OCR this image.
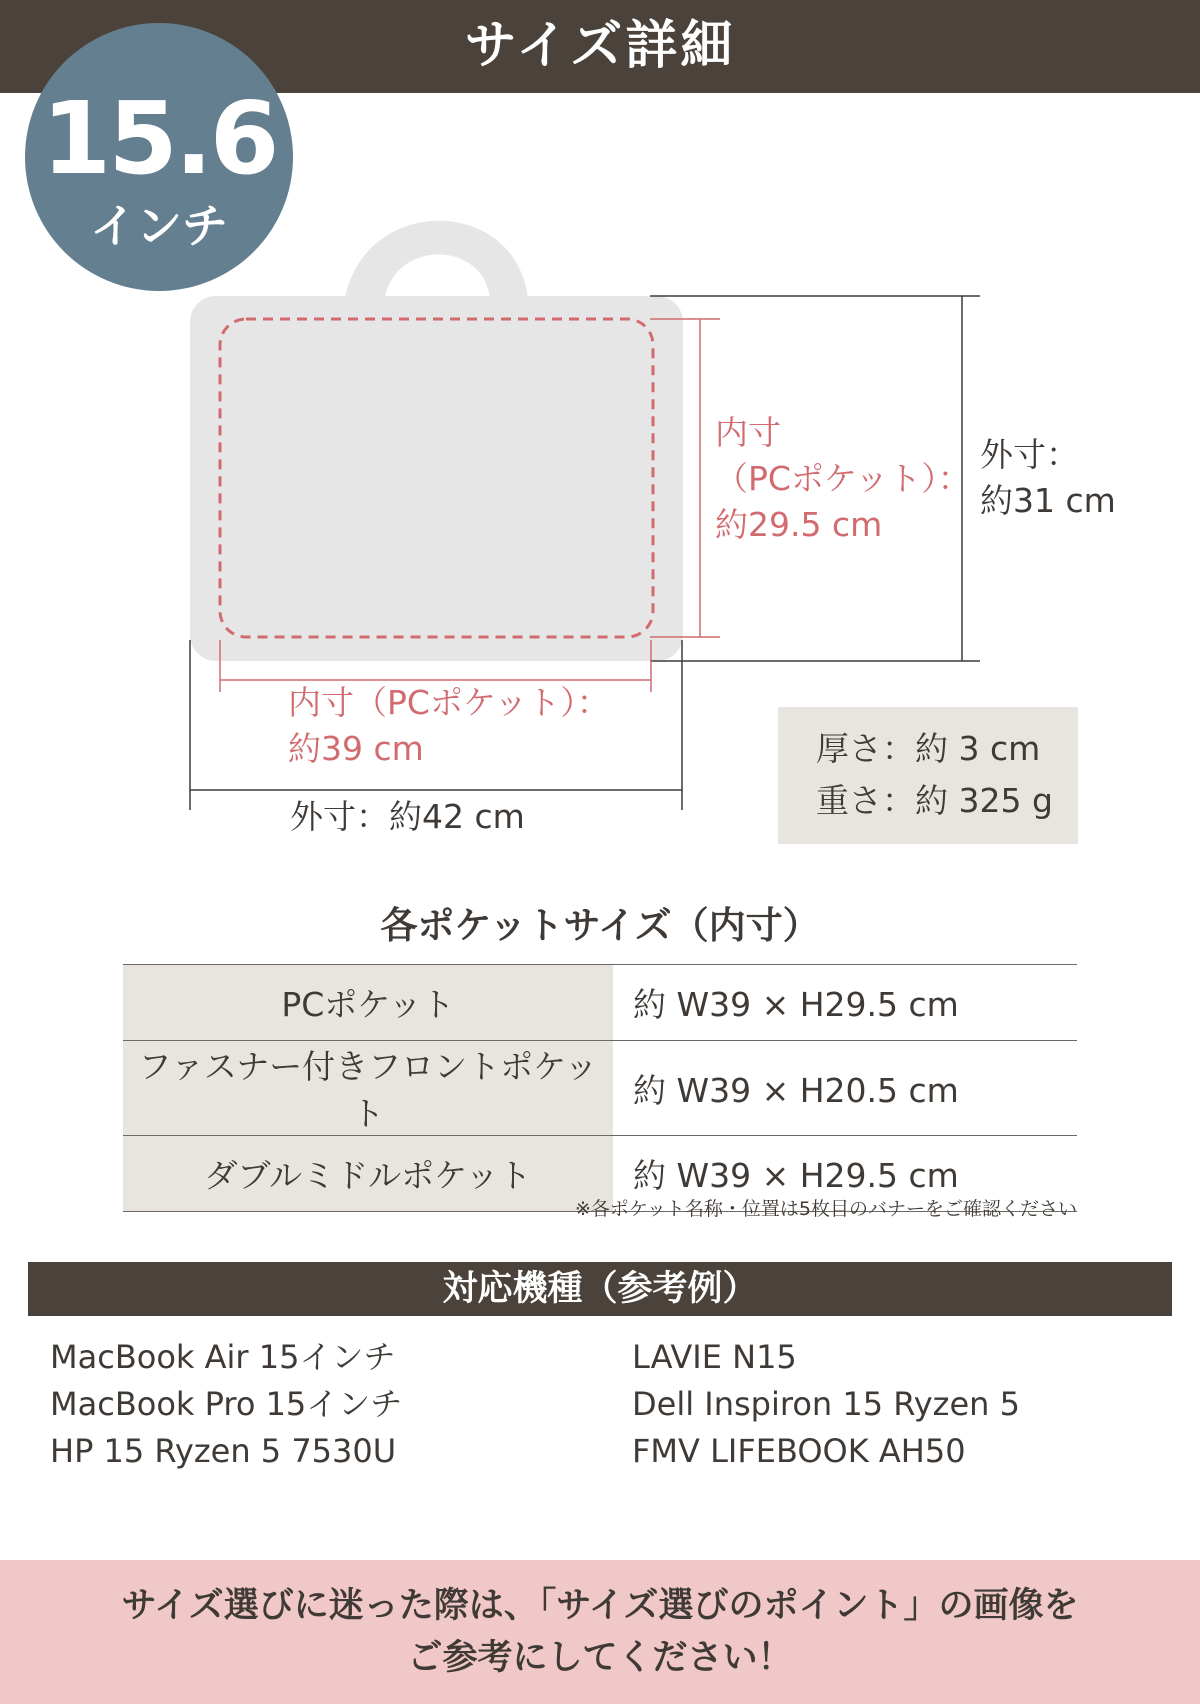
サイズ詳細
15.6
インチ
内寸
（PCポケット）：
約29.5 cm
外寸：
約31 cm
内寸（PCポケット）：
約39 cm
外寸：約42 cm
厚さ：約 3 cm
重さ：約 325 g
各ポケットサイズ（内寸）
PCポケット	約 W39 × H29.5 cm
ファスナー付きフロントポケット	約 W39 × H20.5 cm
ダブルミドルポケット	約 W39 × H29.5 cm
※各ポケット名称・位置は5枚目のバナーをご確認ください
対応機種（参考例）
MacBook Air 15インチ
MacBook Pro 15インチ
HP 15 Ryzen 5 7530U
LAVIE N15
Dell Inspiron 15 Ryzen 5
FMV LIFEBOOK AH50
サイズ選びに迷った際は、「サイズ選びのポイント」の画像を
ご参考にしてください！
